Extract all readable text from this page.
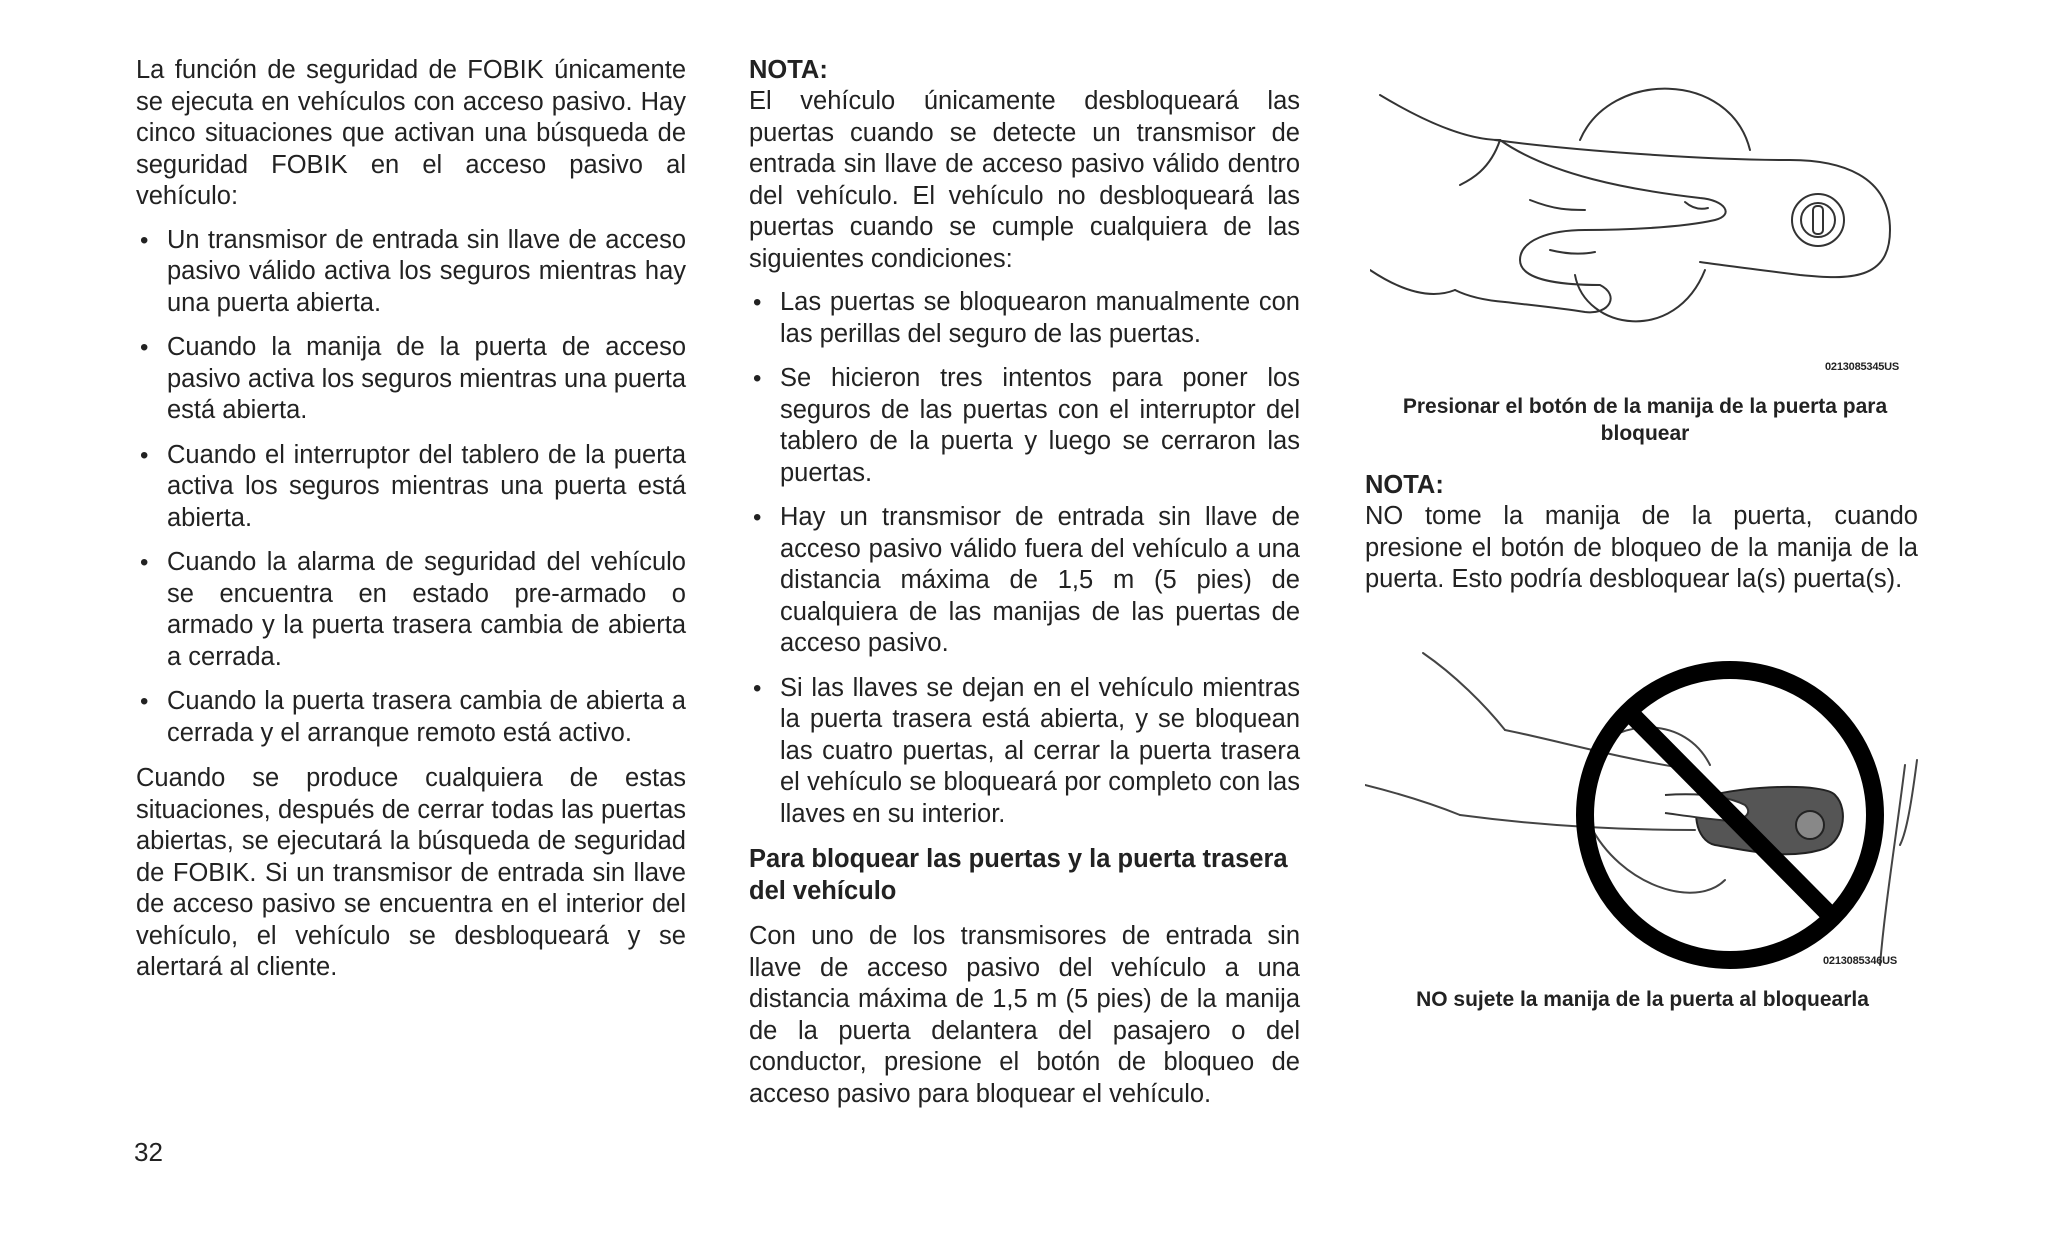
La función de seguridad de FOBIK únicamente se ejecuta en vehículos con acceso pasivo. Hay cinco situaciones que activan una búsqueda de seguridad FOBIK en el acceso pasivo al vehículo:

• Un transmisor de entrada sin llave de acceso pasivo válido activa los seguros mientras hay una puerta abierta.
• Cuando la manija de la puerta de acceso pasivo activa los seguros mientras una puerta está abierta.
• Cuando el interruptor del tablero de la puerta activa los seguros mientras una puerta está abierta.
• Cuando la alarma de seguridad del vehículo se encuentra en estado pre-armado o armado y la puerta trasera cambia de abierta a cerrada.
• Cuando la puerta trasera cambia de abierta a cerrada y el arranque remoto está activo.

Cuando se produce cualquiera de estas situaciones, después de cerrar todas las puertas abiertas, se ejecutará la búsqueda de seguridad de FOBIK. Si un transmisor de entrada sin llave de acceso pasivo se encuentra en el interior del vehículo, el vehículo se desbloqueará y se alertará al cliente.

NOTA:

El vehículo únicamente desbloqueará las puertas cuando se detecte un transmisor de entrada sin llave de acceso pasivo válido dentro del vehículo. El vehículo no desbloqueará las puertas cuando se cumple cualquiera de las siguientes condiciones:

• Las puertas se bloquearon manualmente con las perillas del seguro de las puertas.
• Se hicieron tres intentos para poner los seguros de las puertas con el interruptor del tablero de la puerta y luego se cerraron las puertas.
• Hay un transmisor de entrada sin llave de acceso pasivo válido fuera del vehículo a una distancia máxima de 1,5 m (5 pies) de cualquiera de las manijas de las puertas de acceso pasivo.
• Si las llaves se dejan en el vehículo mientras la puerta trasera está abierta, y se bloquean las cuatro puertas, al cerrar la puerta trasera el vehículo se bloqueará por completo con las llaves en su interior.

Para bloquear las puertas y la puerta trasera del vehículo

Con uno de los transmisores de entrada sin llave de acceso pasivo del vehículo a una distancia máxima de 1,5 m (5 pies) de la manija de la puerta delantera del pasajero o del conductor, presione el botón de bloqueo de acceso pasivo para bloquear el vehículo.

0213085345US
Presionar el botón de la manija de la puerta para bloquear

NOTA:

NO tome la manija de la puerta, cuando presione el botón de bloqueo de la manija de la puerta. Esto podría desbloquear la(s) puerta(s).

0213085346US
NO sujete la manija de la puerta al bloquearla
32
